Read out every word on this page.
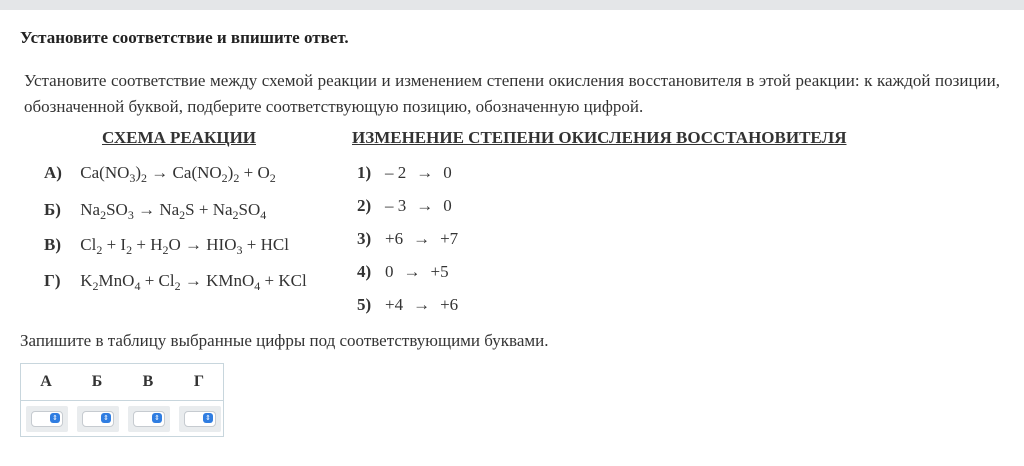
Установите соответствие и впишите ответ.
Установите соответствие между схемой реакции и изменением степени окисления восстановителя в этой реакции: к каждой позиции, обозначенной буквой, подберите соответствующую позицию, обозначенную цифрой.
СХЕМА РЕАКЦИИ	ИЗМЕНЕНИЕ СТЕПЕНИ ОКИСЛЕНИЯ ВОССТАНОВИТЕЛЯ
А) $Ca(NO_3)_2 \to Ca(NO_2)_2 + O_2$
Б) $Na_2SO_3 \to Na_2S + Na_2SO_4$
В) $Cl_2 + I_2 + H_2O \to HIO_3$ + HCl
Г) $K_2MnO_4 + Cl_2$ → KMnO$_4$ + KCl
1) – 2 → 0
2) – 3 → 0
3) +6 → +7
4) 0 → +5
5) +4 → +6
Запишите в таблицу выбранные цифры под соответствующими буквами.
А	Б	В	Г
⇕	⇕	⇕	⇕
